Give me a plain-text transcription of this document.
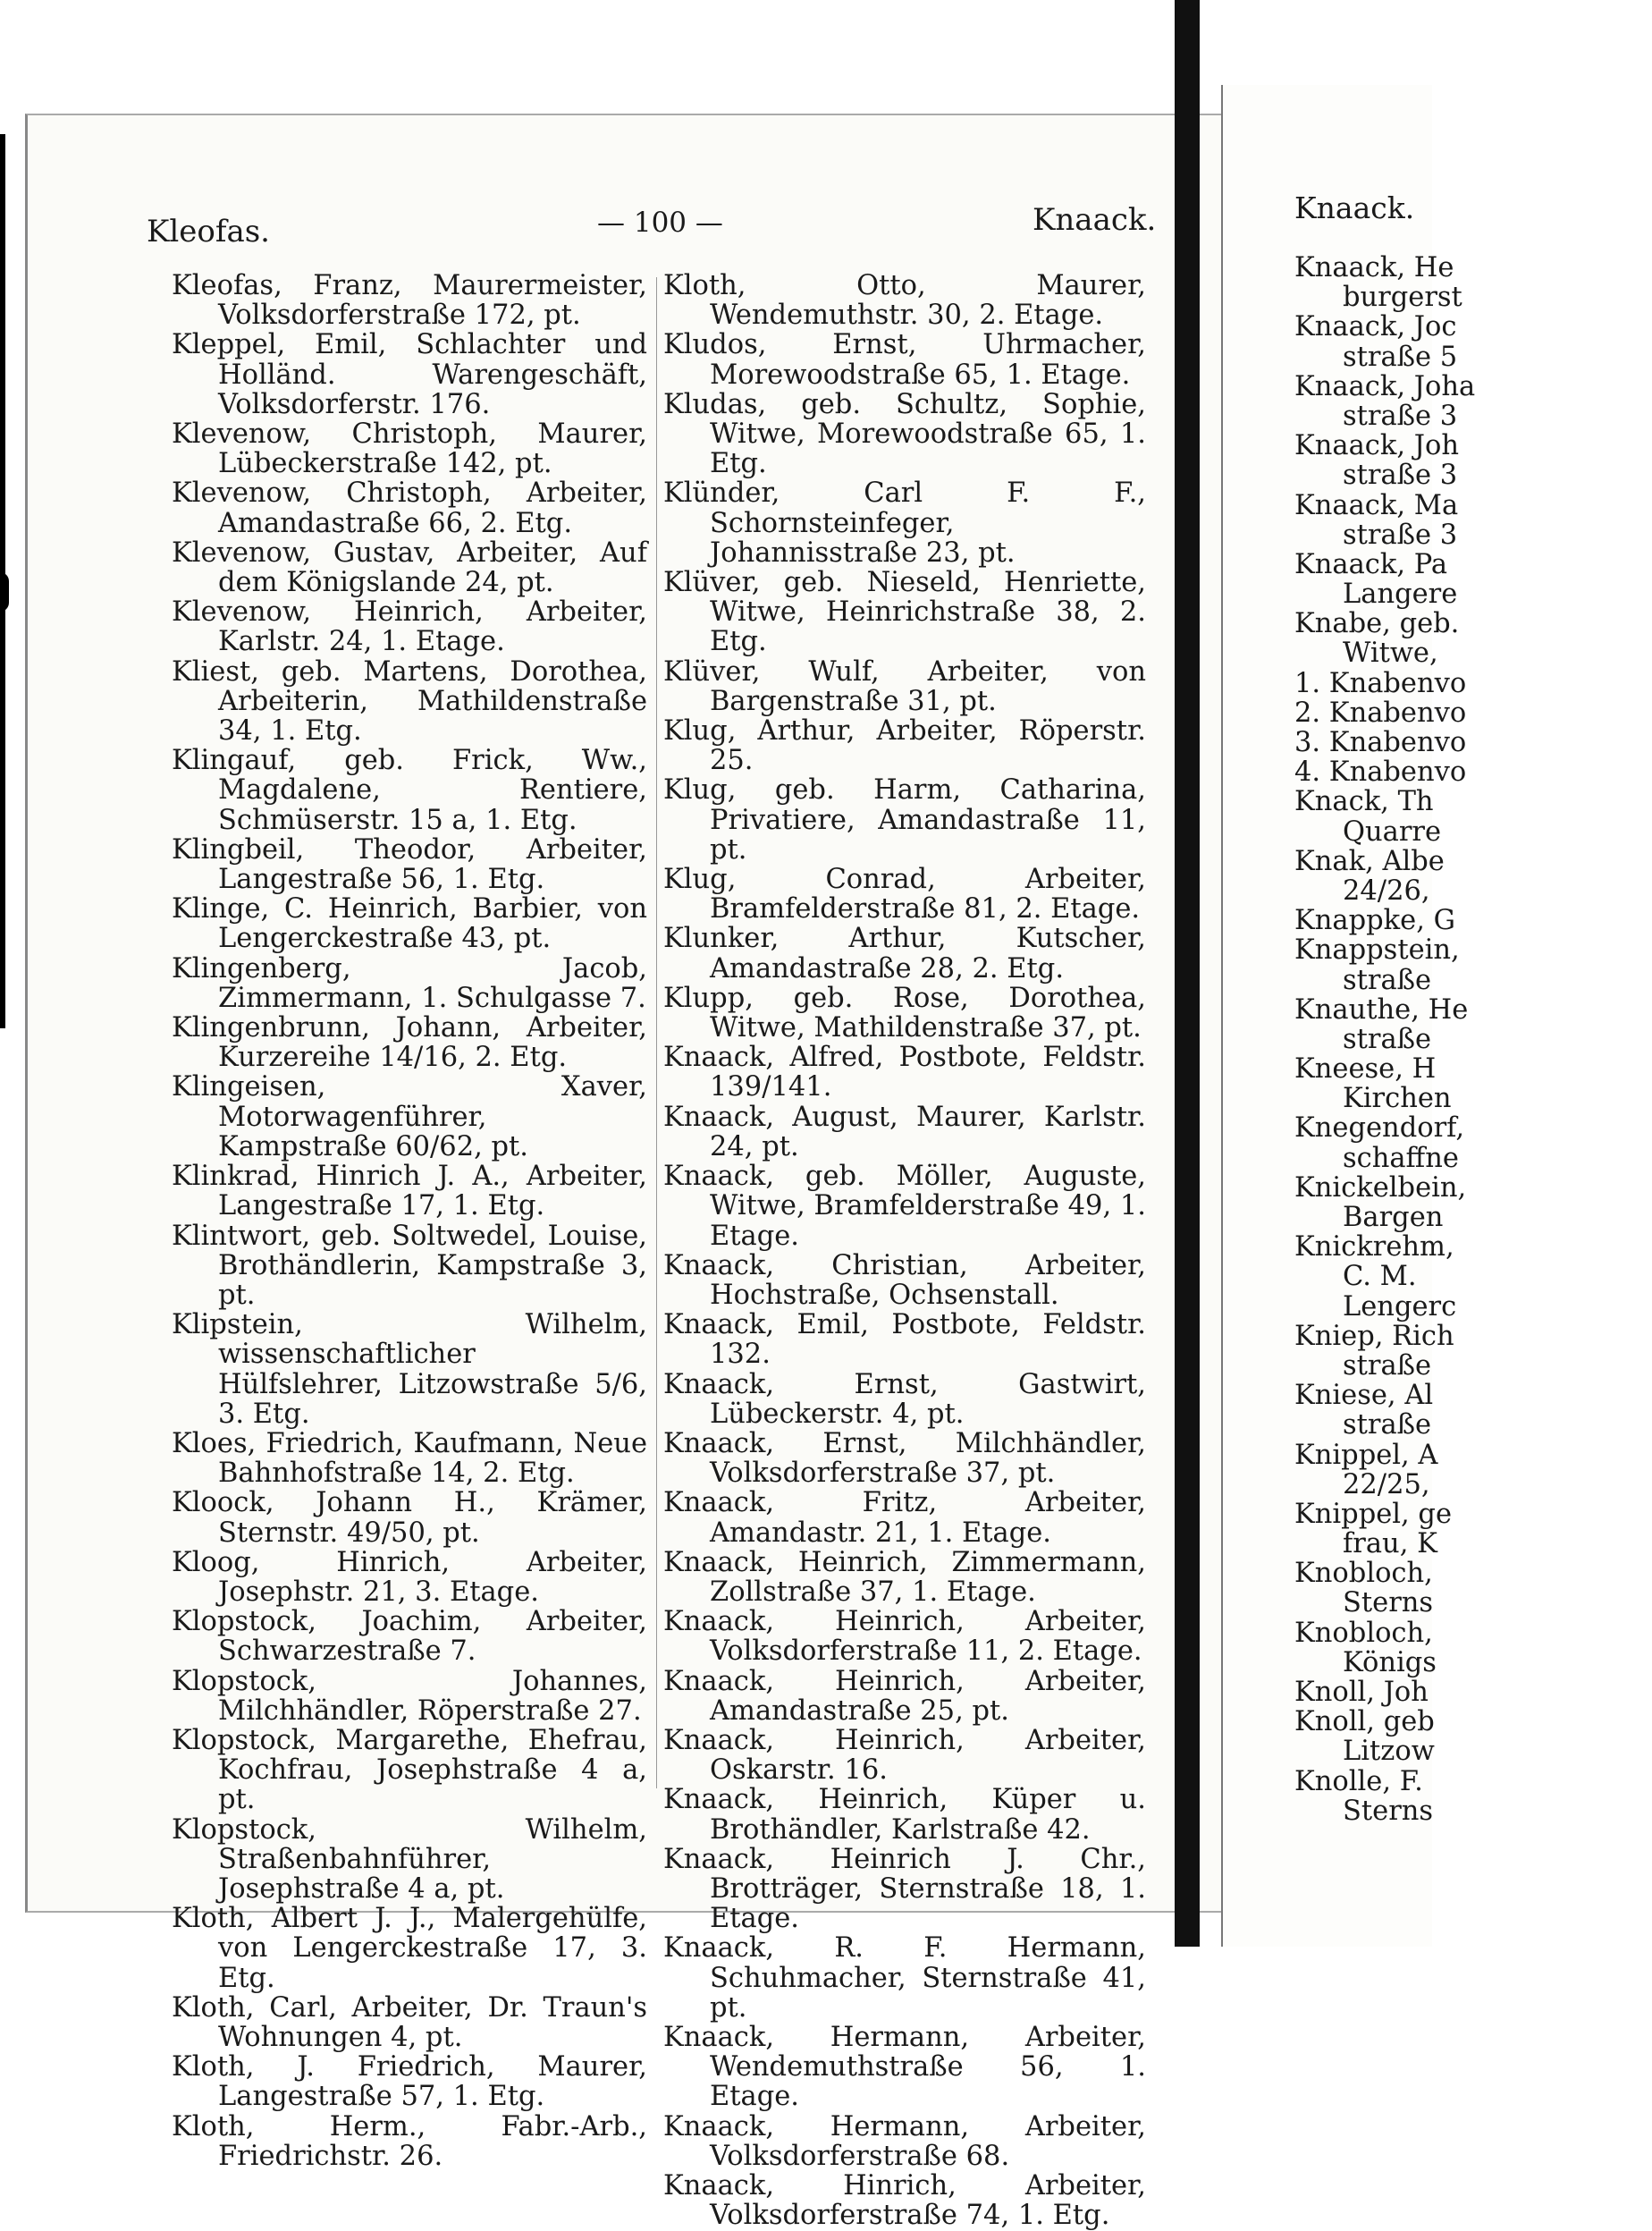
Kleofas.	— 100 —	Knaack.

Kleofas, Franz, Maurermeister, Volksdorferstraße 172, pt.

Kleppel, Emil, Schlachter und Holländ. Warengeschäft, Volksdorferstr. 176.

Klevenow, Christoph, Maurer, Lübeckerstraße 142, pt.

Klevenow, Christoph, Arbeiter, Amandastraße 66, 2. Etg.

Klevenow, Gustav, Arbeiter, Auf dem Königslande 24, pt.

Klevenow, Heinrich, Arbeiter, Karlstr. 24, 1. Etage.

Kliest, geb. Martens, Dorothea, Arbeiterin, Mathildenstraße 34, 1. Etg.

Klingauf, geb. Frick, Ww., Magdalene, Rentiere, Schmüserstr. 15 a, 1. Etg.

Klingbeil, Theodor, Arbeiter, Langestraße 56, 1. Etg.

Klinge, C. Heinrich, Barbier, von Lengerckestraße 43, pt.

Klingenberg, Jacob, Zimmermann, 1. Schulgasse 7.

Klingenbrunn, Johann, Arbeiter, Kurzereihe 14/16, 2. Etg.

Klingeisen, Xaver, Motorwagenführer, Kampstraße 60/62, pt.

Klinkrad, Hinrich J. A., Arbeiter, Langestraße 17, 1. Etg.

Klintwort, geb. Soltwedel, Louise, Brothändlerin, Kampstraße 3, pt.

Klipstein, Wilhelm, wissenschaftlicher Hülfslehrer, Litzowstraße 5/6, 3. Etg.

Kloes, Friedrich, Kaufmann, Neue Bahnhofstraße 14, 2. Etg.

Kloock, Johann H., Krämer, Sternstr. 49/50, pt.

Kloog, Hinrich, Arbeiter, Josephstr. 21, 3. Etage.

Klopstock, Joachim, Arbeiter, Schwarzestraße 7.

Klopstock, Johannes, Milchhändler, Röperstraße 27.

Klopstock, Margarethe, Ehefrau, Kochfrau, Josephstraße 4 a, pt.

Klopstock, Wilhelm, Straßenbahnführer, Josephstraße 4 a, pt.

Kloth, Albert J. J., Malergehülfe, von Lengerckestraße 17, 3. Etg.

Kloth, Carl, Arbeiter, Dr. Traun's Wohnungen 4, pt.

Kloth, J. Friedrich, Maurer, Langestraße 57, 1. Etg.

Kloth, Herm., Fabr.-Arb., Friedrichstr. 26.

Kloth, Otto, Maurer, Wendemuthstr. 30, 2. Etage.

Kludos, Ernst, Uhrmacher, Morewoodstraße 65, 1. Etage.

Kludas, geb. Schultz, Sophie, Witwe, Morewoodstraße 65, 1. Etg.

Klünder, Carl F. F., Schornsteinfeger, Johannisstraße 23, pt.

Klüver, geb. Nieseld, Henriette, Witwe, Heinrichstraße 38, 2. Etg.

Klüver, Wulf, Arbeiter, von Bargenstraße 31, pt.

Klug, Arthur, Arbeiter, Röperstr. 25.

Klug, geb. Harm, Catharina, Privatiere, Amandastraße 11, pt.

Klug, Conrad, Arbeiter, Bramfelderstraße 81, 2. Etage.

Klunker, Arthur, Kutscher, Amandastraße 28, 2. Etg.

Klupp, geb. Rose, Dorothea, Witwe, Mathildenstraße 37, pt.

Knaack, Alfred, Postbote, Feldstr. 139/141.

Knaack, August, Maurer, Karlstr. 24, pt.

Knaack, geb. Möller, Auguste, Witwe, Bramfelderstraße 49, 1. Etage.

Knaack, Christian, Arbeiter, Hochstraße, Ochsenstall.

Knaack, Emil, Postbote, Feldstr. 132.

Knaack, Ernst, Gastwirt, Lübeckerstr. 4, pt.

Knaack, Ernst, Milchhändler, Volksdorferstraße 37, pt.

Knaack, Fritz, Arbeiter, Amandastr. 21, 1. Etage.

Knaack, Heinrich, Zimmermann, Zollstraße 37, 1. Etage.

Knaack, Heinrich, Arbeiter, Volksdorferstraße 11, 2. Etage.

Knaack, Heinrich, Arbeiter, Amandastraße 25, pt.

Knaack, Heinrich, Arbeiter, Oskarstr. 16.

Knaack, Heinrich, Küper u. Brothändler, Karlstraße 42.

Knaack, Heinrich J. Chr., Brotträger, Sternstraße 18, 1. Etage.

Knaack, R. F. Hermann, Schuhmacher, Sternstraße 41, pt.

Knaack, Hermann, Arbeiter, Wendemuthstraße 56, 1. Etage.

Knaack, Hermann, Arbeiter, Volksdorferstraße 68.

Knaack, Hinrich, Arbeiter, Volksdorferstraße 74, 1. Etg.

Knaack.
Knaack, He
burgerst
Knaack, Joc
straße 5
Knaack, Joha
straße 3
Knaack, Joh
straße 3
Knaack, Ma
straße 3
Knaack, Pa
Langere
Knabe, geb.
Witwe,
1. Knabenvo
2. Knabenvo
3. Knabenvo
4. Knabenvo
Knack, Th
Quarre
Knak, Albe
24/26,
Knappke, G
Knappstein,
straße
Knauthe, He
straße
Kneese, H
Kirchen
Knegendorf,
schaffne
Knickelbein,
Bargen
Knickrehm,
C. M.
Lengerc
Kniep, Rich
straße
Kniese, Al
straße
Knippel, A
22/25,
Knippel, ge
frau, K
Knobloch,
Sterns
Knobloch,
Königs
Knoll, Joh
Knoll, geb
Litzow
Knolle, F.
Sterns
